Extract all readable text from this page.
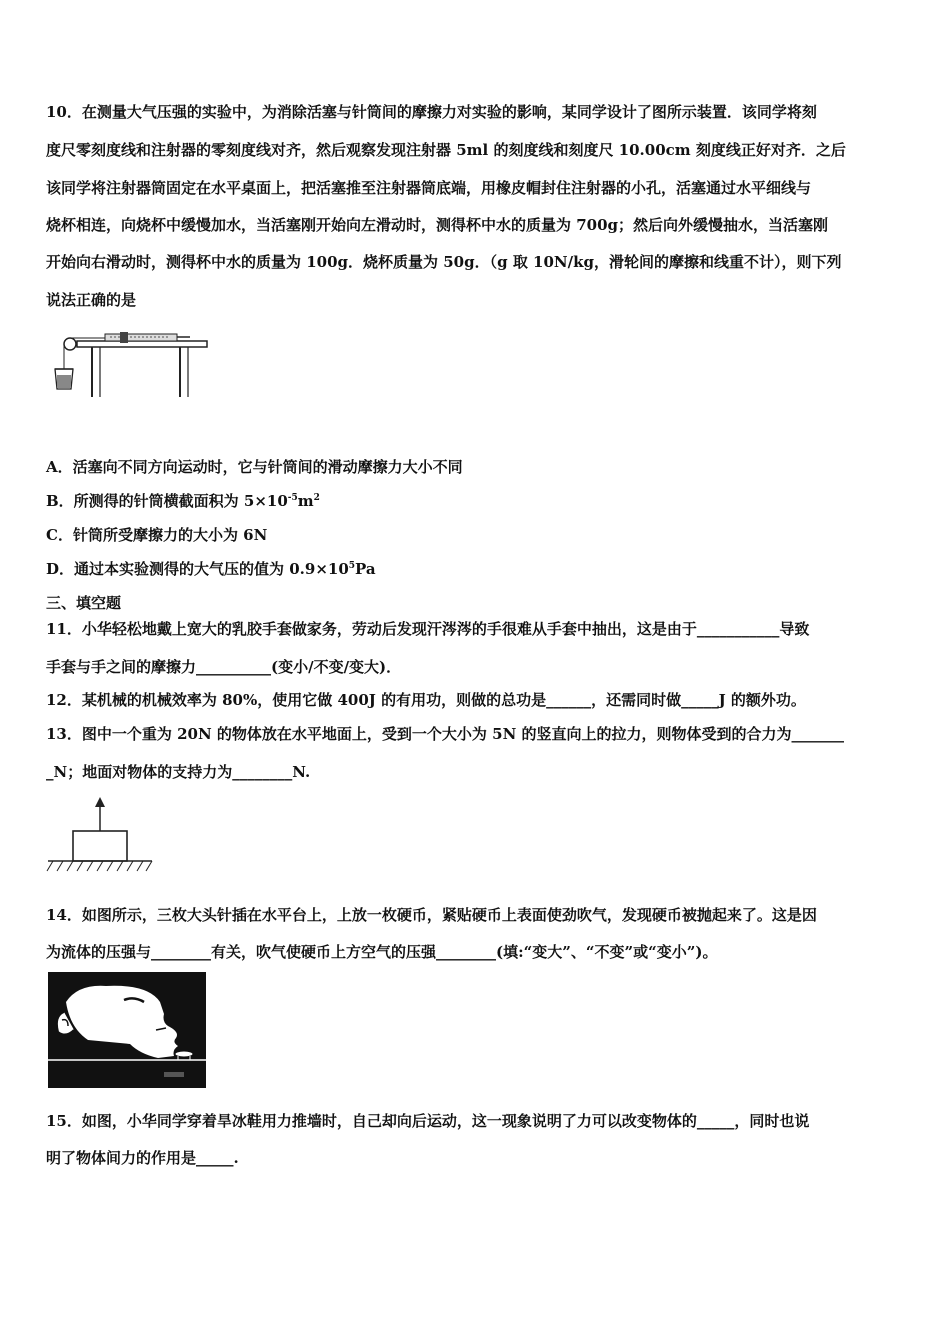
10．在测量大气压强的实验中，为消除活塞与针筒间的摩擦力对实验的影响，某同学设计了图所示装置．该同学将刻
度尺零刻度线和注射器的零刻度线对齐，然后观察发现注射器 5ml 的刻度线和刻度尺 10.00cm 刻度线正好对齐．之后
该同学将注射器筒固定在水平桌面上，把活塞推至注射器筒底端，用橡皮帽封住注射器的小孔，活塞通过水平细线与
烧杯相连，向烧杯中缓慢加水，当活塞刚开始向左滑动时，测得杯中水的质量为 700g；然后向外缓慢抽水，当活塞刚
开始向右滑动时，测得杯中水的质量为 100g．烧杯质量为 50g．（g 取 10N/kg，滑轮间的摩擦和线重不计），则下列
说法正确的是
A．活塞向不同方向运动时，它与针筒间的滑动摩擦力大小不同
B．所测得的针筒横截面积为 $5\times 10^{-5}m^2$
C．针筒所受摩擦力的大小为 6N
D．通过本实验测得的大气压的值为 $0.9\times 10^5Pa$
三、填空题
11．小华轻松地戴上宽大的乳胶手套做家务，劳动后发现汗涔涔的手很难从手套中抽出，这是由于___________导致
手套与手之间的摩擦力__________(变小/不变/变大)．
12．某机械的机械效率为 80%，使用它做 400J 的有用功，则做的总功是______，还需同时做_____J 的额外功。
13．图中一个重为 20N 的物体放在水平地面上，受到一个大小为 5N 的竖直向上的拉力，则物体受到的合力为_______
_N；地面对物体的支持力为________N.
14．如图所示，三枚大头针插在水平台上，上放一枚硬币，紧贴硬币上表面使劲吹气，发现硬币被抛起来了。这是因
为流体的压强与________有关，吹气使硬币上方空气的压强________(填:“变大”、“不变”或“变小”)。
15．如图，小华同学穿着旱冰鞋用力推墙时，自己却向后运动，这一现象说明了力可以改变物体的_____，同时也说
明了物体间力的作用是_____.
